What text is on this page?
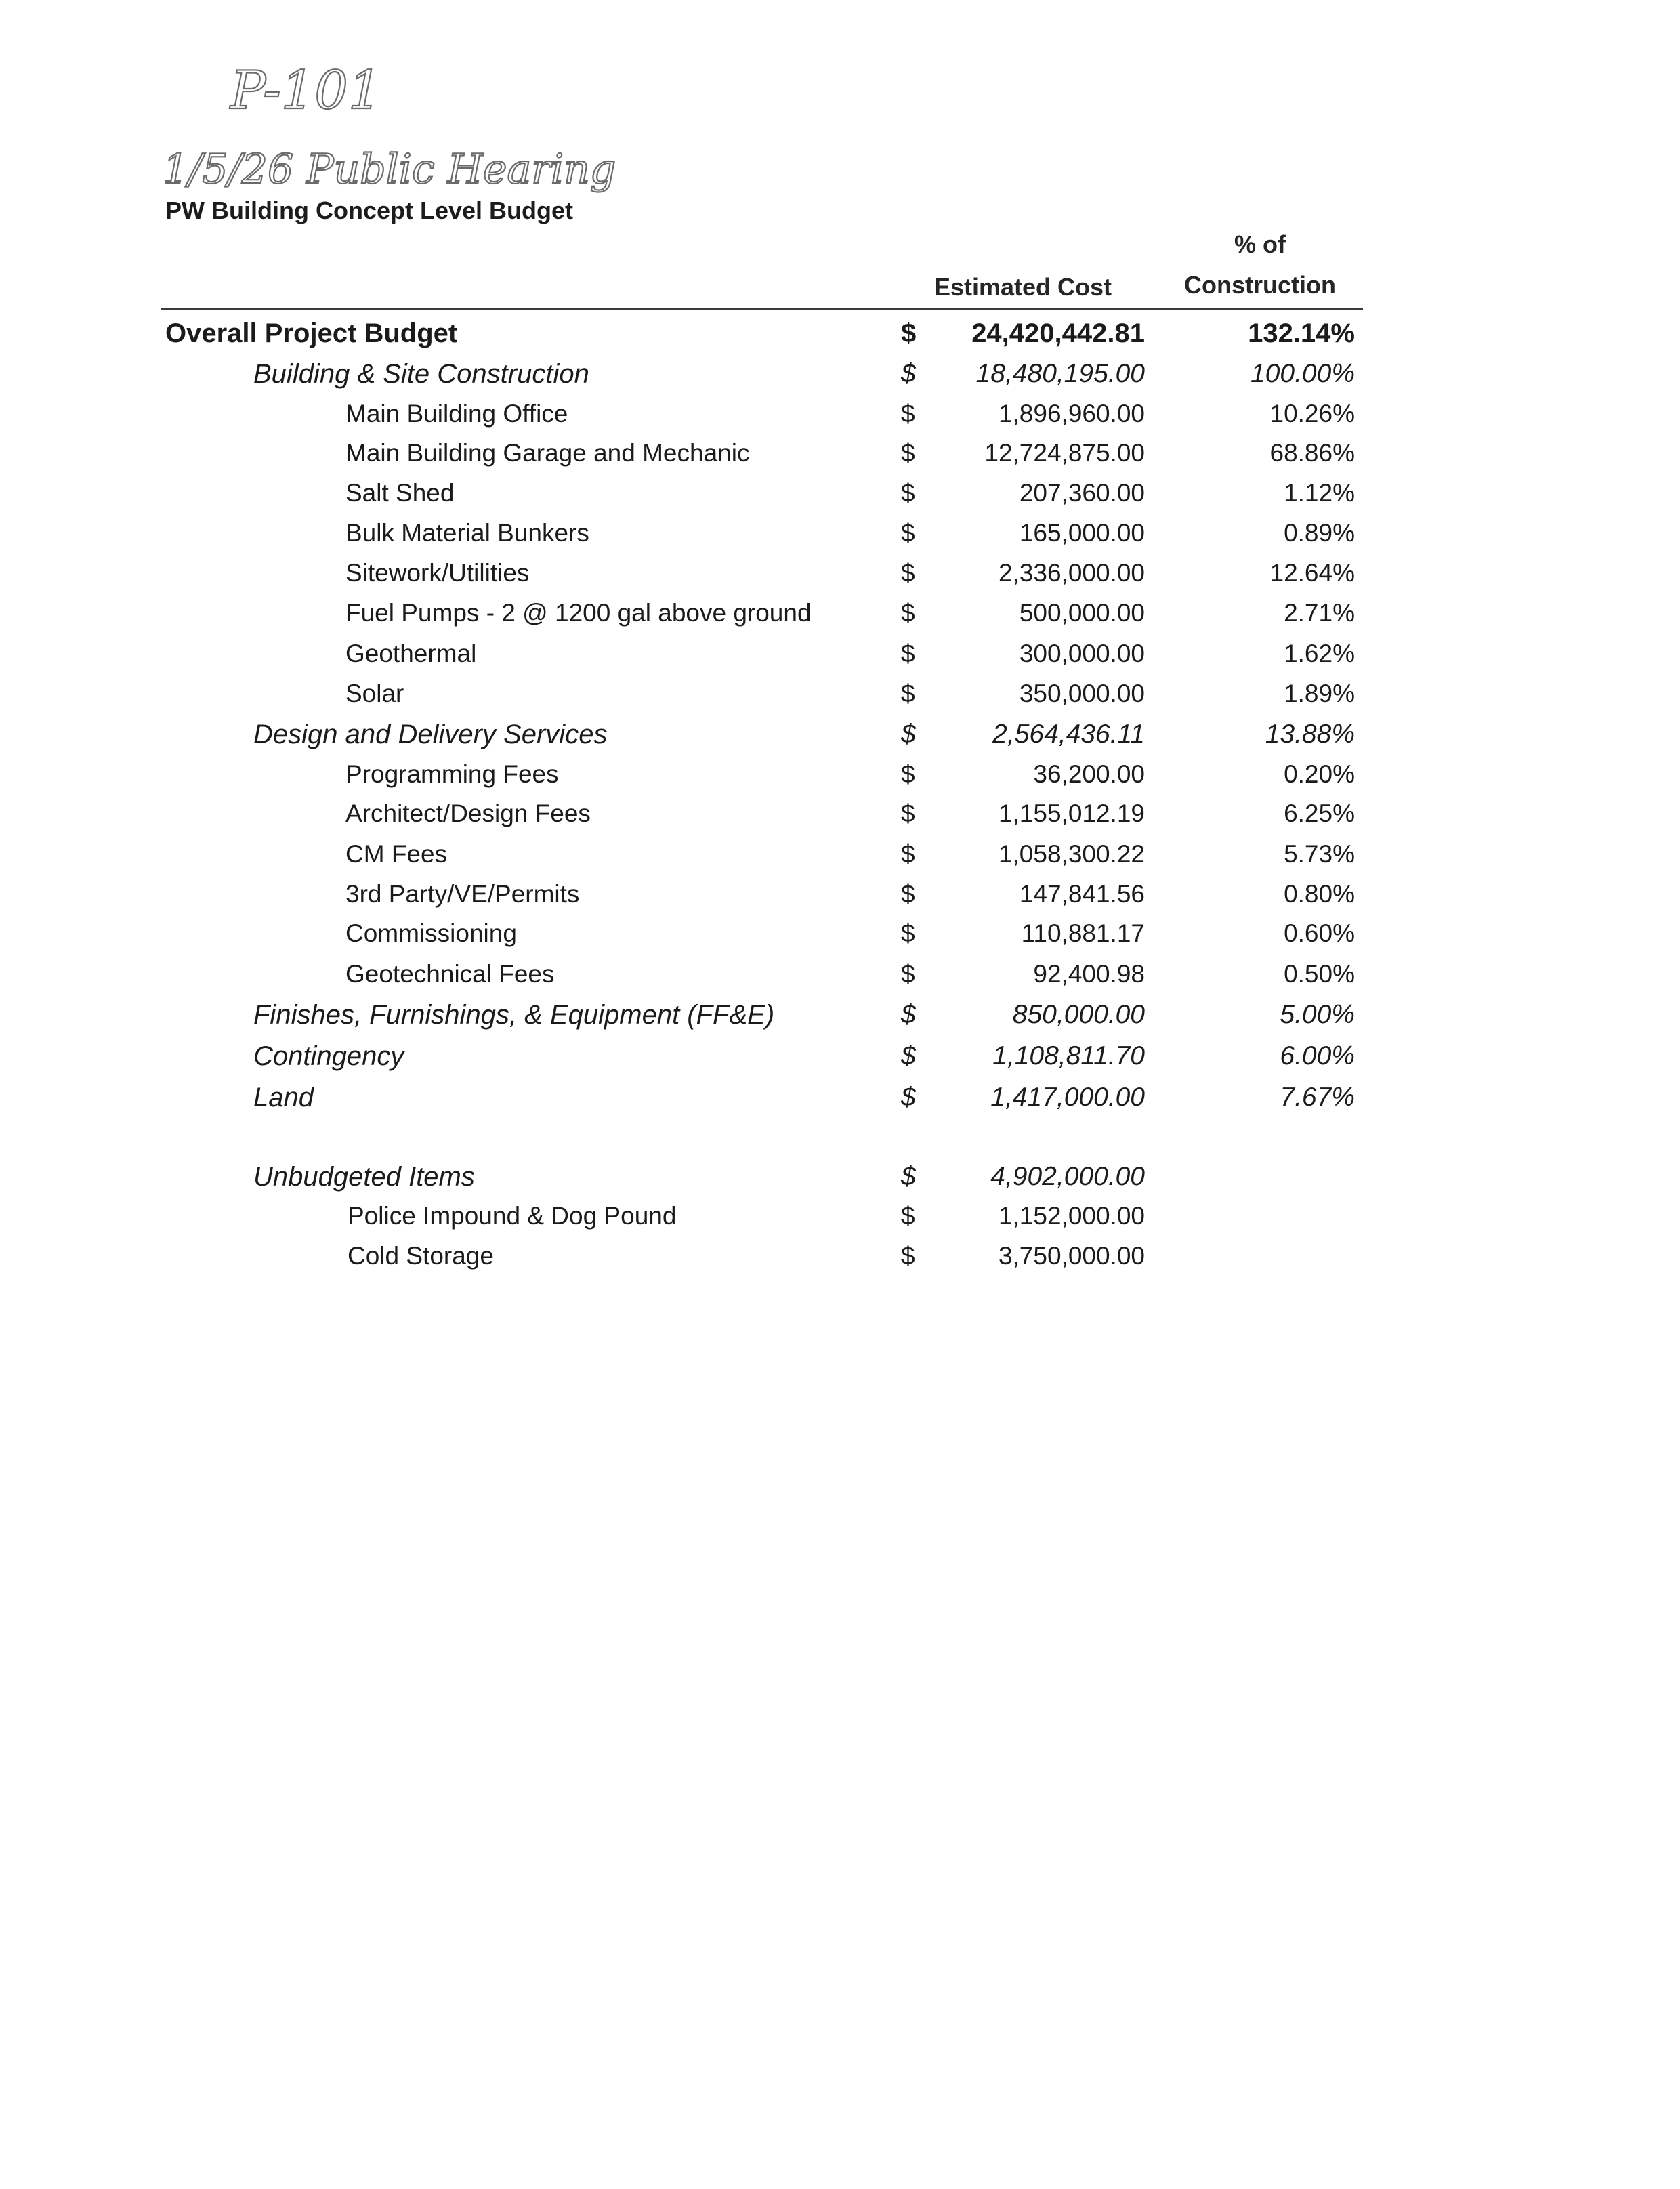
P-101
1/5/26 Public Hearing
PW Building Concept Level Budget
% of
Estimated Cost	Construction
Overall Project Budget	$ 24,420,442.81	132.14%
Building & Site Construction	$ 18,480,195.00	100.00%
Main Building Office	$	1,896,960.00	10.26%
Main Building Garage and Mechanic	$	12,724,875.00	68.86%
Salt Shed	$	207,360.00	1.12%
Bulk Material Bunkers	$	165,000.00	0.89%
Sitework/Utilities	$	2,336,000.00	12.64%
Fuel Pumps - 2 @ 1200 gal above ground	$	500,000.00	2.71%
Geothermal	$	300,000.00	1.62%
Solar	$	350,000.00	1.89%
Design and Delivery Services	$	2,564,436.11	13.88%
Programming Fees	$	36,200.00	0.20%
Architect/Design Fees	$	1,155,012.19	6.25%
CM Fees	$	1,058,300.22	5.73%
3rd Party/VE/Permits	$	147,841.56	0.80%
Commissioning	$	110,881.17	0.60%
Geotechnical Fees	$	92,400.98	0.50%
Finishes, Furnishings, & Equipment (FF&E)	$	850,000.00	5.00%
Contingency	$	1,108,811.70	6.00%
Land	$	1,417,000.00	7.67%
Unbudgeted Items	$	4,902,000.00
Police Impound & Dog Pound	$	1,152,000.00
Cold Storage	$	3,750,000.00
